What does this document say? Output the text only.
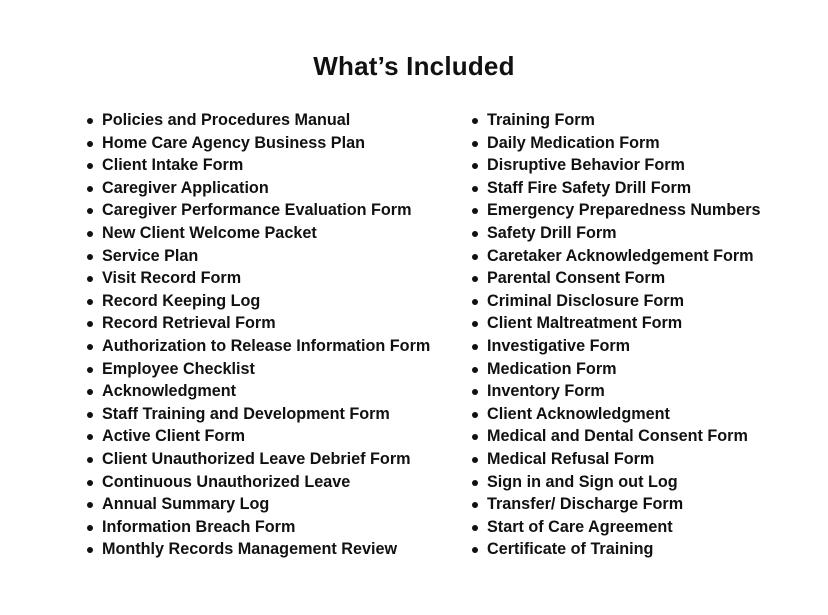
What’s Included
Policies and Procedures Manual
Home Care Agency Business Plan
Client Intake Form
Caregiver Application
Caregiver Performance Evaluation Form
New Client Welcome Packet
Service Plan
Visit Record Form
Record Keeping Log
Record Retrieval Form
Authorization to Release Information Form
Employee Checklist
Acknowledgment
Staff Training and Development Form
Active Client Form
Client Unauthorized Leave Debrief Form
Continuous Unauthorized Leave
Annual Summary Log
Information Breach Form
Monthly Records Management Review
Training Form
Daily Medication Form
Disruptive Behavior Form
Staff Fire Safety Drill Form
Emergency Preparedness Numbers
Safety Drill Form
Caretaker Acknowledgement Form
Parental Consent Form
Criminal Disclosure Form
Client Maltreatment Form
Investigative Form
Medication Form
Inventory Form
Client Acknowledgment
Medical and Dental Consent Form
Medical Refusal Form
Sign in and Sign out Log
Transfer/ Discharge Form
Start of Care Agreement
Certificate of Training
